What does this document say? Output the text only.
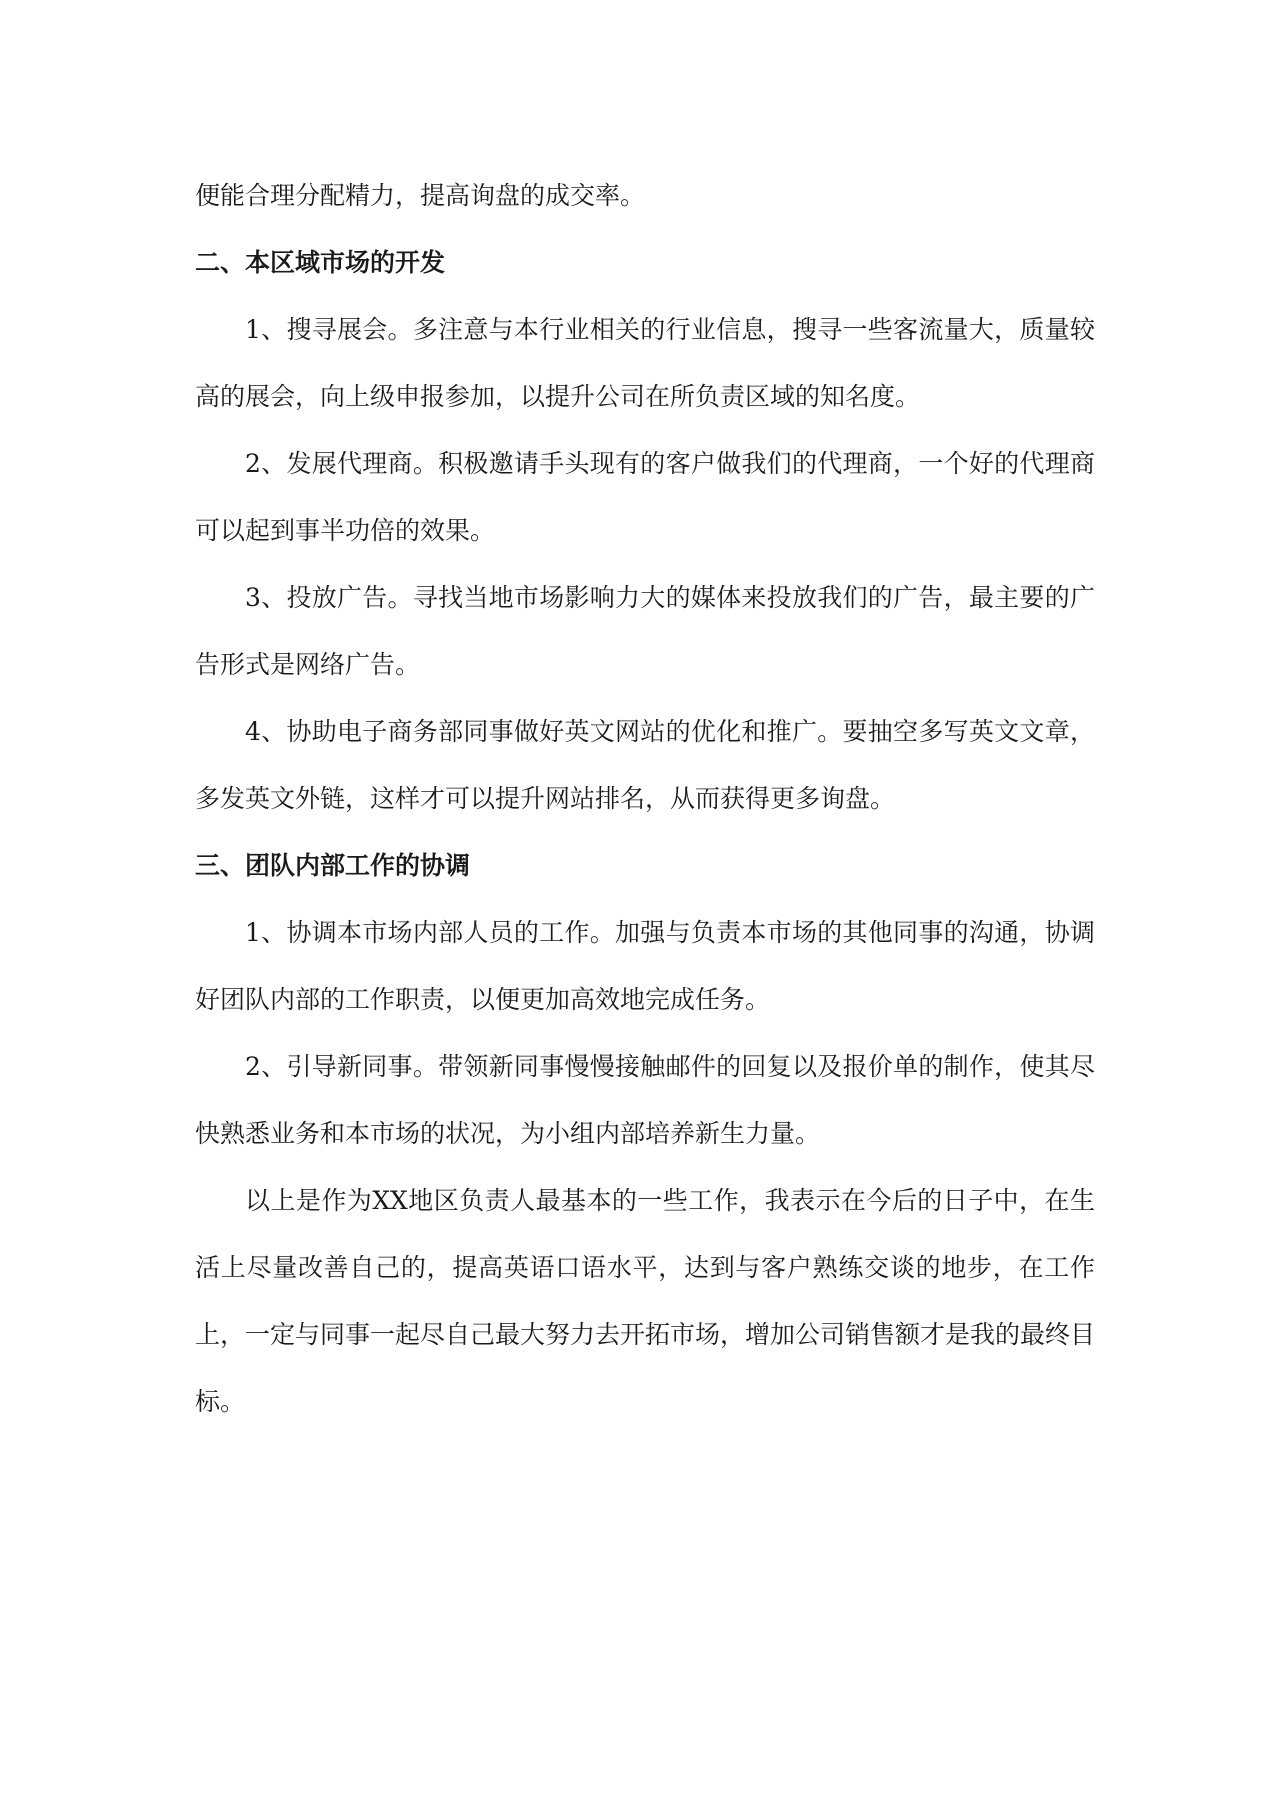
便能合理分配精力，提高询盘的成交率。

二、本区域市场的开发

1、搜寻展会。多注意与本行业相关的行业信息，搜寻一些客流量大，质量较高的展会，向上级申报参加，以提升公司在所负责区域的知名度。

2、发展代理商。积极邀请手头现有的客户做我们的代理商，一个好的代理商可以起到事半功倍的效果。

3、投放广告。寻找当地市场影响力大的媒体来投放我们的广告，最主要的广告形式是网络广告。

4、协助电子商务部同事做好英文网站的优化和推广。要抽空多写英文文章，多发英文外链，这样才可以提升网站排名，从而获得更多询盘。

三、团队内部工作的协调

1、协调本市场内部人员的工作。加强与负责本市场的其他同事的沟通，协调好团队内部的工作职责，以便更加高效地完成任务。

2、引导新同事。带领新同事慢慢接触邮件的回复以及报价单的制作，使其尽快熟悉业务和本市场的状况，为小组内部培养新生力量。

以上是作为XX地区负责人最基本的一些工作，我表示在今后的日子中，在生活上尽量改善自己的，提高英语口语水平，达到与客户熟练交谈的地步，在工作上，一定与同事一起尽自己最大努力去开拓市场，增加公司销售额才是我的最终目标。
